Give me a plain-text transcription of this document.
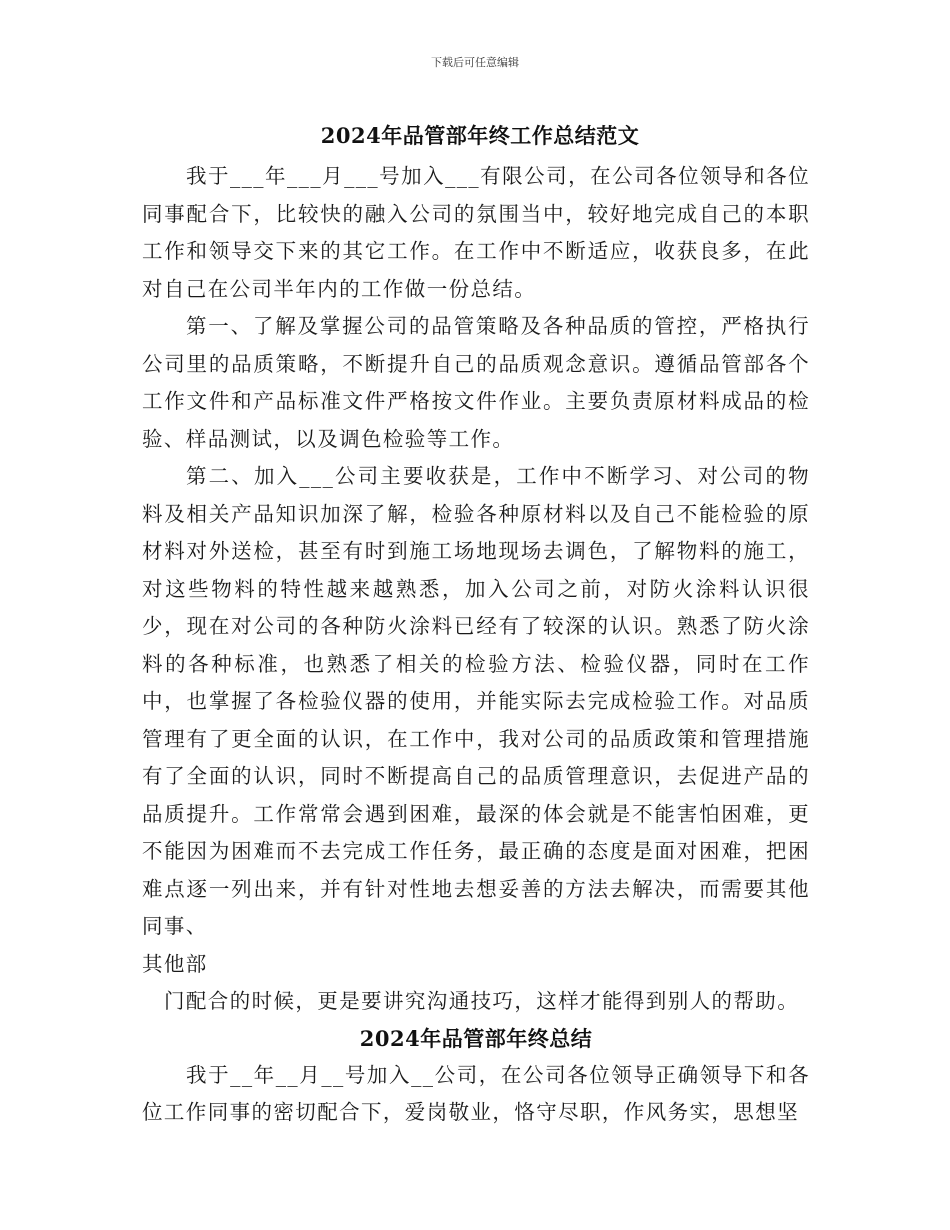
下载后可任意编辑
2024年品管部年终工作总结范文

我于___年___月___号加入___有限公司，在公司各位领导和各位同事配合下，比较快的融入公司的氛围当中，较好地完成自己的本职工作和领导交下来的其它工作。在工作中不断适应，收获良多，在此对自己在公司半年内的工作做一份总结。

第一、了解及掌握公司的品管策略及各种品质的管控，严格执行公司里的品质策略，不断提升自己的品质观念意识。遵循品管部各个工作文件和产品标准文件严格按文件作业。主要负责原材料成品的检验、样品测试，以及调色检验等工作。

第二、加入___公司主要收获是，工作中不断学习、对公司的物料及相关产品知识加深了解，检验各种原材料以及自己不能检验的原材料对外送检，甚至有时到施工场地现场去调色，了解物料的施工，对这些物料的特性越来越熟悉，加入公司之前，对防火涂料认识很少，现在对公司的各种防火涂料已经有了较深的认识。熟悉了防火涂料的各种标准，也熟悉了相关的检验方法、检验仪器，同时在工作中，也掌握了各检验仪器的使用，并能实际去完成检验工作。对品质管理有了更全面的认识，在工作中，我对公司的品质政策和管理措施有了全面的认识，同时不断提高自己的品质管理意识，去促进产品的品质提升。工作常常会遇到困难，最深的体会就是不能害怕困难，更不能因为困难而不去完成工作任务，最正确的态度是面对困难，把困难点逐一列出来，并有针对性地去想妥善的方法去解决，而需要其他同事、

其他部

门配合的时候，更是要讲究沟通技巧，这样才能得到别人的帮助。

2024年品管部年终总结

我于__年__月__号加入__公司，在公司各位领导正确领导下和各位工作同事的密切配合下，爱岗敬业，恪守尽职，作风务实，思想坚
